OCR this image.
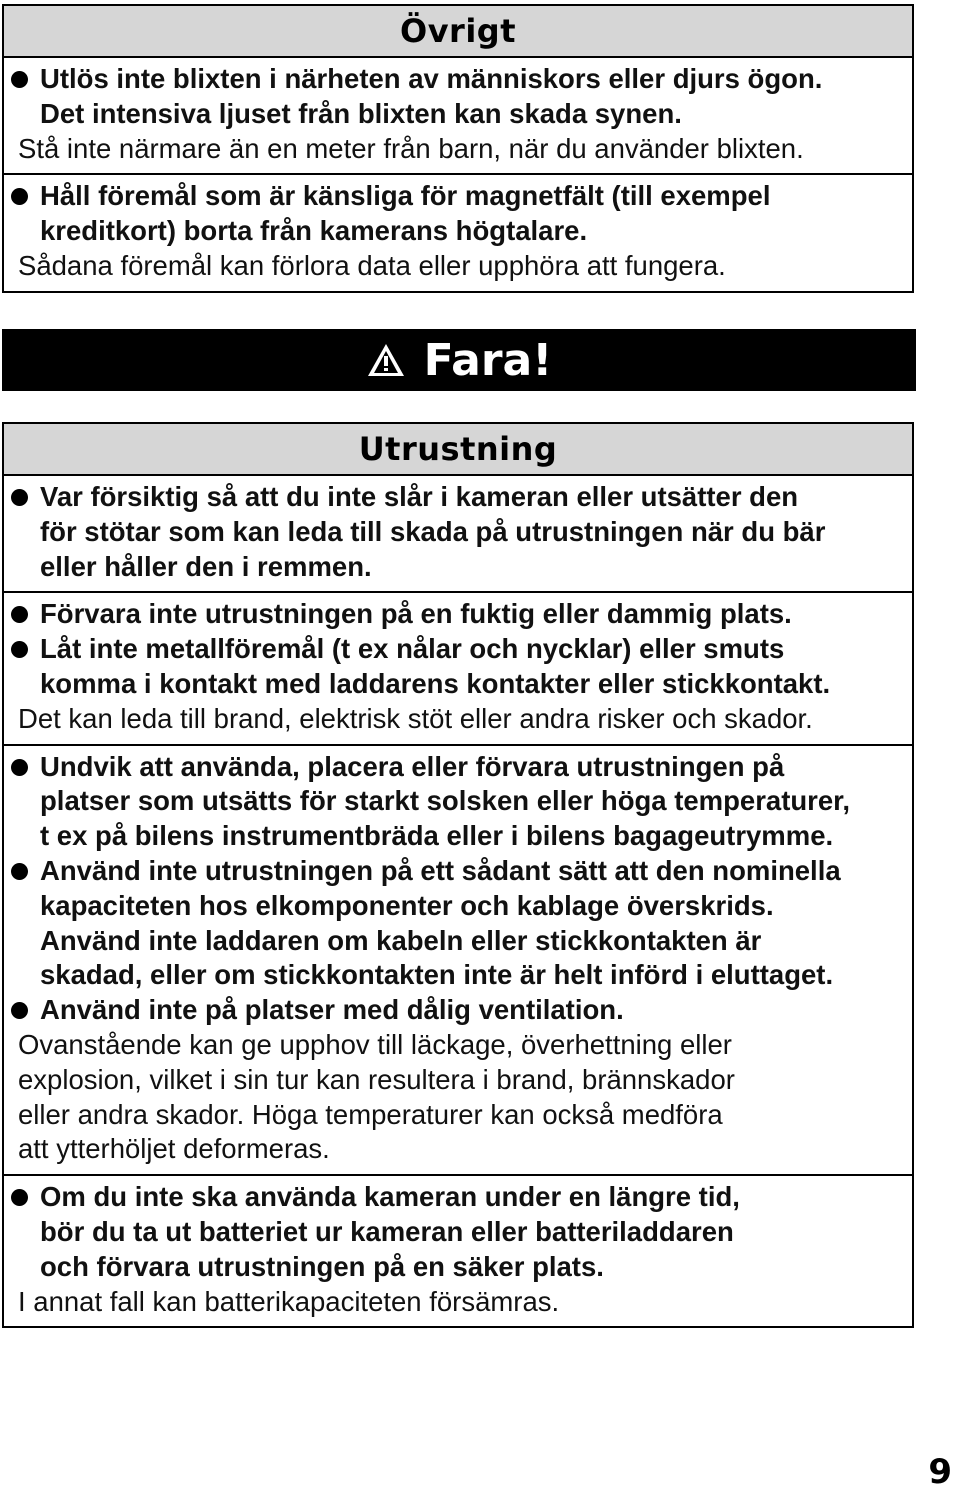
Övrigt
Utlös inte blixten i närheten av människors eller djurs ögon.
Det intensiva ljuset från blixten kan skada synen.
Stå inte närmare än en meter från barn, när du använder blixten.
Håll föremål som är känsliga för magnetfält (till exempel
kreditkort) borta från kamerans högtalare.
Sådana föremål kan förlora data eller upphöra att fungera.
Fara!
Utrustning
Var försiktig så att du inte slår i kameran eller utsätter den
för stötar som kan leda till skada på utrustningen när du bär
eller håller den i remmen.
Förvara inte utrustningen på en fuktig eller dammig plats.
Låt inte metallföremål (t ex nålar och nycklar) eller smuts
komma i kontakt med laddarens kontakter eller stickkontakt.
Det kan leda till brand, elektrisk stöt eller andra risker och skador.
Undvik att använda, placera eller förvara utrustningen på
platser som utsätts för starkt solsken eller höga temperaturer,
t ex på bilens instrumentbräda eller i bilens bagageutrymme.
Använd inte utrustningen på ett sådant sätt att den nominella
kapaciteten hos elkomponenter och kablage överskrids.
Använd inte laddaren om kabeln eller stickkontakten är
skadad, eller om stickkontakten inte är helt införd i eluttaget.
Använd inte på platser med dålig ventilation.
Ovanstående kan ge upphov till läckage, överhettning eller
explosion, vilket i sin tur kan resultera i brand, brännskador
eller andra skador. Höga temperaturer kan också medföra
att ytterhöljet deformeras.
Om du inte ska använda kameran under en längre tid,
bör du ta ut batteriet ur kameran eller batteriladdaren
och förvara utrustningen på en säker plats.
I annat fall kan batterikapaciteten försämras.
9
